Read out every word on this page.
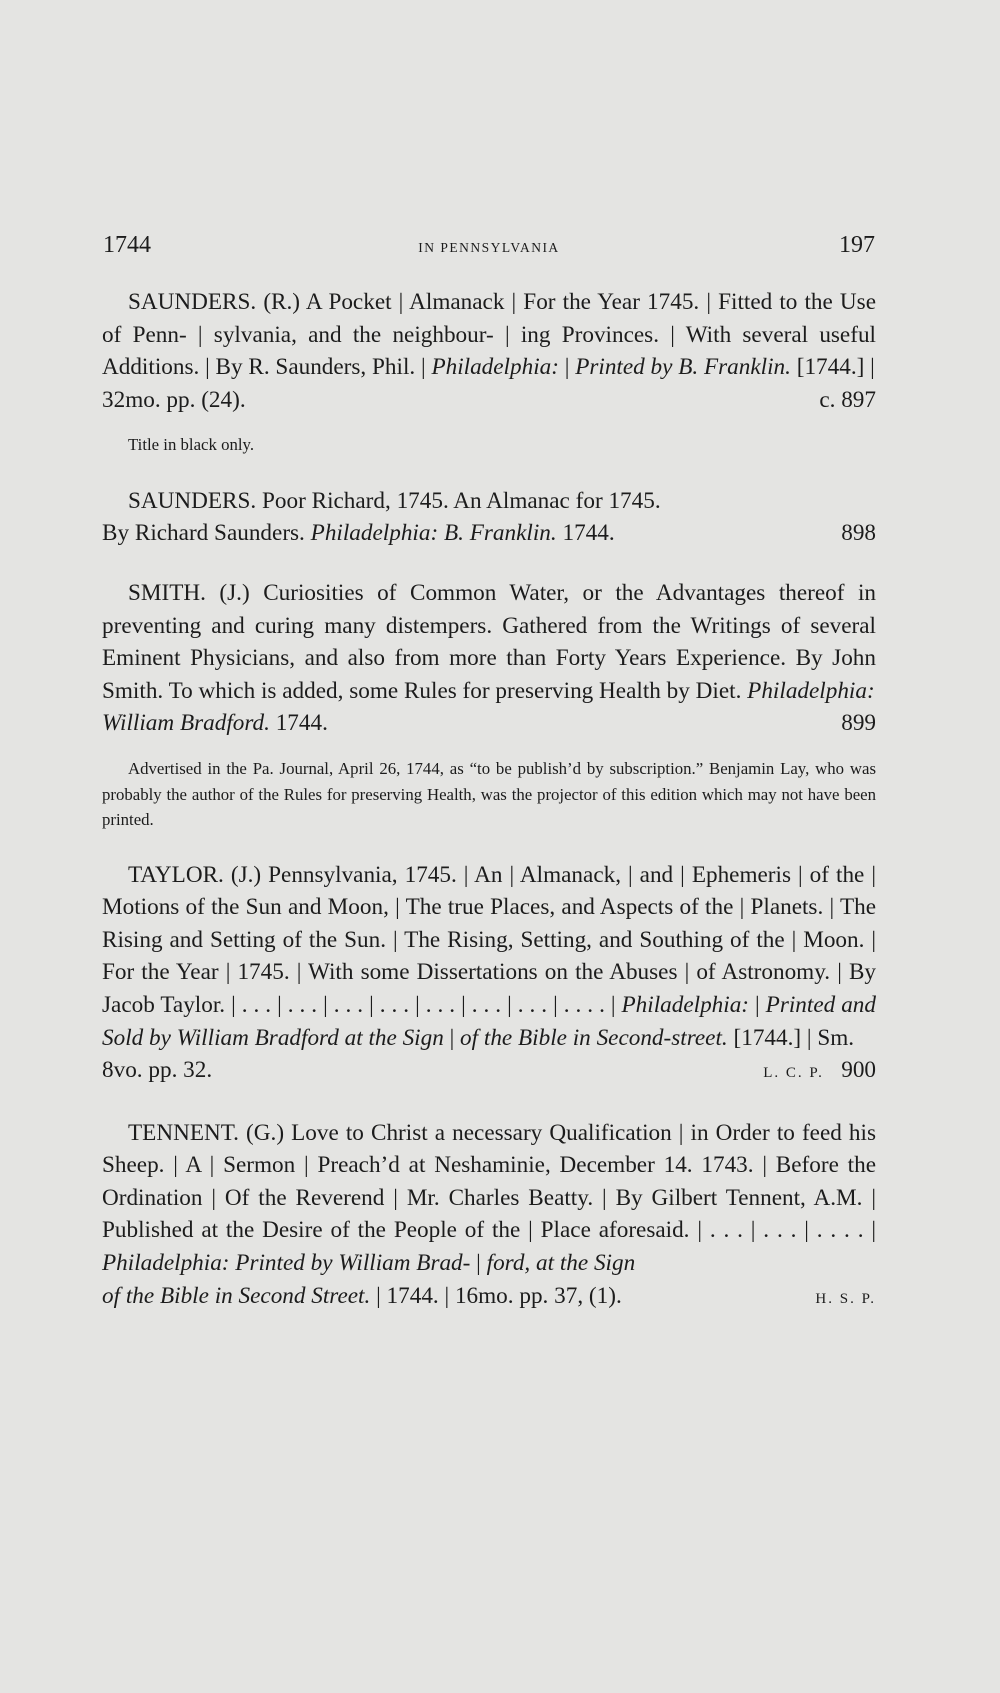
1744	IN PENNSYLVANIA	197

SAUNDERS. (R.) A Pocket | Almanack | For the Year 1745. | Fitted to the Use of Penn- | sylvania, and the neighbour- | ing Provinces. | With several useful Additions. | By R. Saunders, Phil. | Philadelphia: | Printed by B. Franklin. [1744.] |

32mo. pp. (24).	c. 897

Title in black only.

SAUNDERS. Poor Richard, 1745. An Almanac for 1745.

By Richard Saunders. Philadelphia: B. Franklin. 1744.	898

SMITH. (J.) Curiosities of Common Water, or the Advantages thereof in preventing and curing many distempers. Gathered from the Writings of several Eminent Physicians, and also from more than Forty Years Experience. By John Smith. To which is added, some Rules for preserving Health by Diet. Philadelphia:

William Bradford. 1744.	899

Advertised in the Pa. Journal, April 26, 1744, as “to be publish’d by subscription.” Benjamin Lay, who was probably the author of the Rules for preserving Health, was the projector of this edition which may not have been printed.

TAYLOR. (J.) Pennsylvania, 1745. | An | Almanack, | and | Ephemeris | of the | Motions of the Sun and Moon, | The true Places, and Aspects of the | Planets. | The Rising and Setting of the Sun. | The Rising, Setting, and Southing of the | Moon. | For the Year | 1745. | With some Dissertations on the Abuses | of Astronomy. | By Jacob Taylor. | . . . | . . . | . . . | . . . | . . . | . . . | . . . | . . . . | Philadelphia: | Printed and Sold by William Bradford at the Sign | of the Bible in Second-street. [1744.] | Sm.

8vo. pp. 32.	L. C. P. 900

TENNENT. (G.) Love to Christ a necessary Qualification | in Order to feed his Sheep. | A | Sermon | Preach’d at Neshaminie, December 14. 1743. | Before the Ordination | Of the Reverend | Mr. Charles Beatty. | By Gilbert Tennent, A.M. | Published at the Desire of the People of the | Place aforesaid. | . . . | . . . | . . . . | Philadelphia: Printed by William Brad- | ford, at the Sign

of the Bible in Second Street. | 1744. | 16mo. pp. 37, (1).	H. S. P.
